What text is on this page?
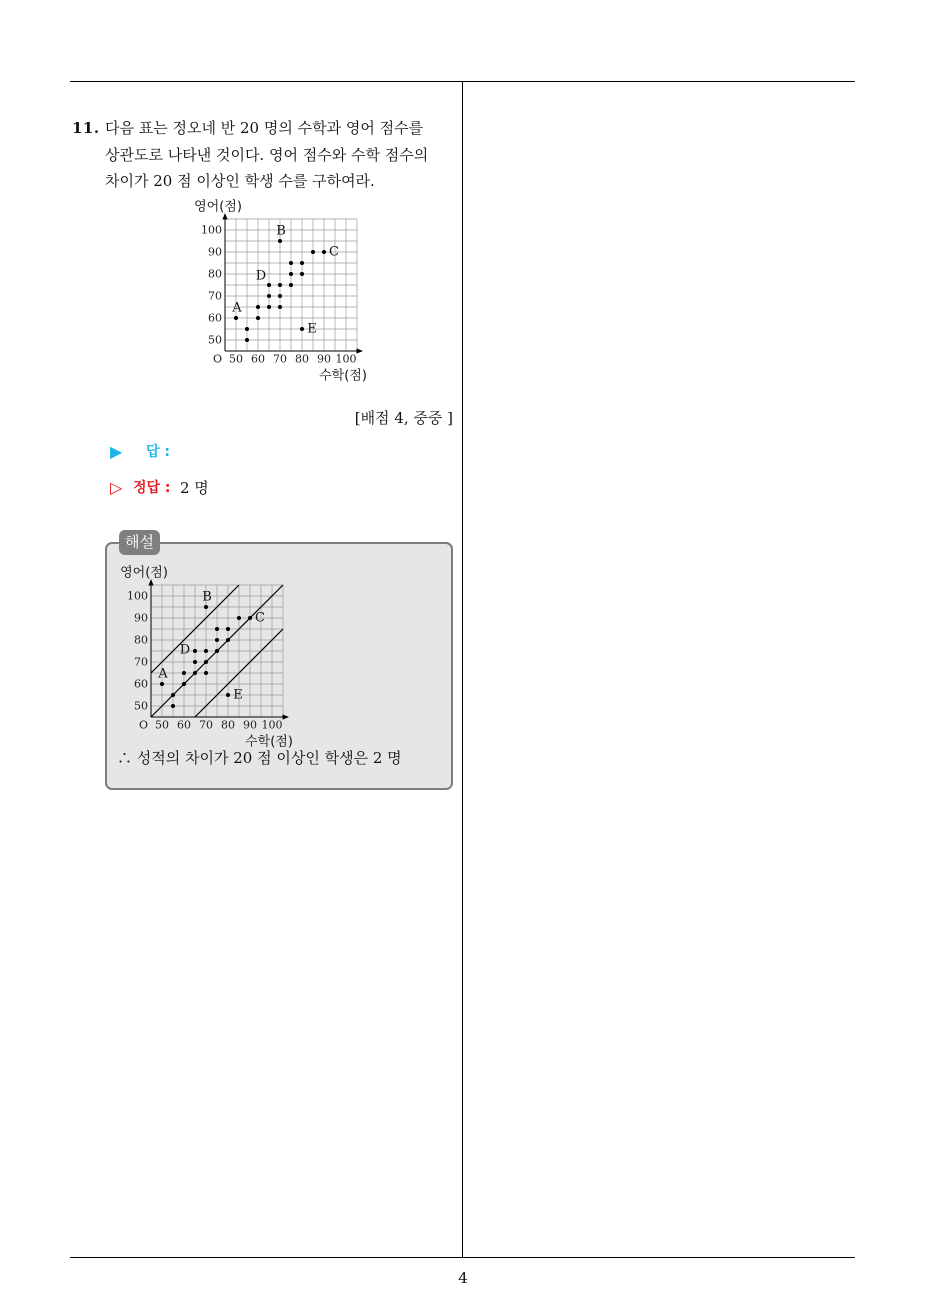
11. 다음 표는 정오네 반 20 명의 수학과 영어 점수를
상관도로 나타낸 것이다. 영어 점수와 수학 점수의
차이가 20 점 이상인 학생 수를 구하여라.
50 60 70 80 90 100
50
60
70
80
90
100
O
영어(점)
수학(점)
A
D
B
E
C
[배점 4, 중중 ]
▶ 답 :
▷ 정답 : 2 명
해설
50 60 70 80 90 100
50
60
70
80
90
100
O
영어(점)
수학(점)
A
D
B
E
C
∴ 성적의 차이가 20 점 이상인 학생은 2 명
4
